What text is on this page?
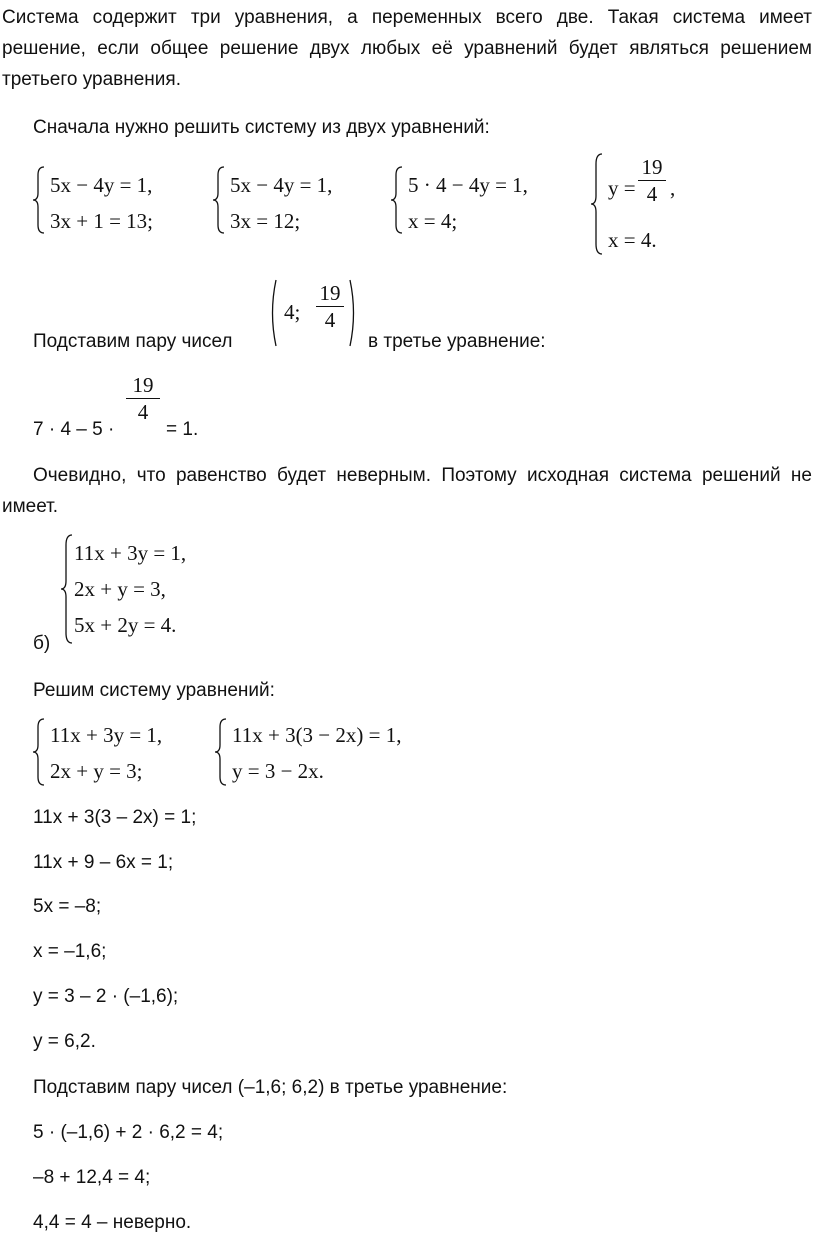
Система содержит три уравнения, а переменных всего две. Такая система имеет решение, если общее решение двух любых её уравнений будет являться решением третьего уравнения.
Сначала нужно решить систему из двух уравнений:
5x − 4y = 1,
3x + 1 = 13;
5x − 4y = 1,
3x = 12;
5 · 4 − 4y = 1,
x = 4;
y =
19
4 ,
x = 4.
Подставим пару чисел
4;
19
4
в третье уравнение:
7 · 4 – 5 ·
19
4
= 1.
Очевидно, что равенство будет неверным. Поэтому исходная система решений не имеет.
б)
11x + 3y = 1,
2x + y = 3,
5x + 2y = 4.
Решим систему уравнений:
11x + 3y = 1,
2x + y = 3;
11x + 3(3 − 2x) = 1,
y = 3 − 2x.
11x + 3(3 – 2x) = 1;
11x + 9 – 6x = 1;
5x = –8;
x = –1,6;
y = 3 – 2 · (–1,6);
y = 6,2.
Подставим пару чисел (–1,6; 6,2) в третье уравнение:
5 · (–1,6) + 2 · 6,2 = 4;
–8 + 12,4 = 4;
4,4 = 4 – неверно.
